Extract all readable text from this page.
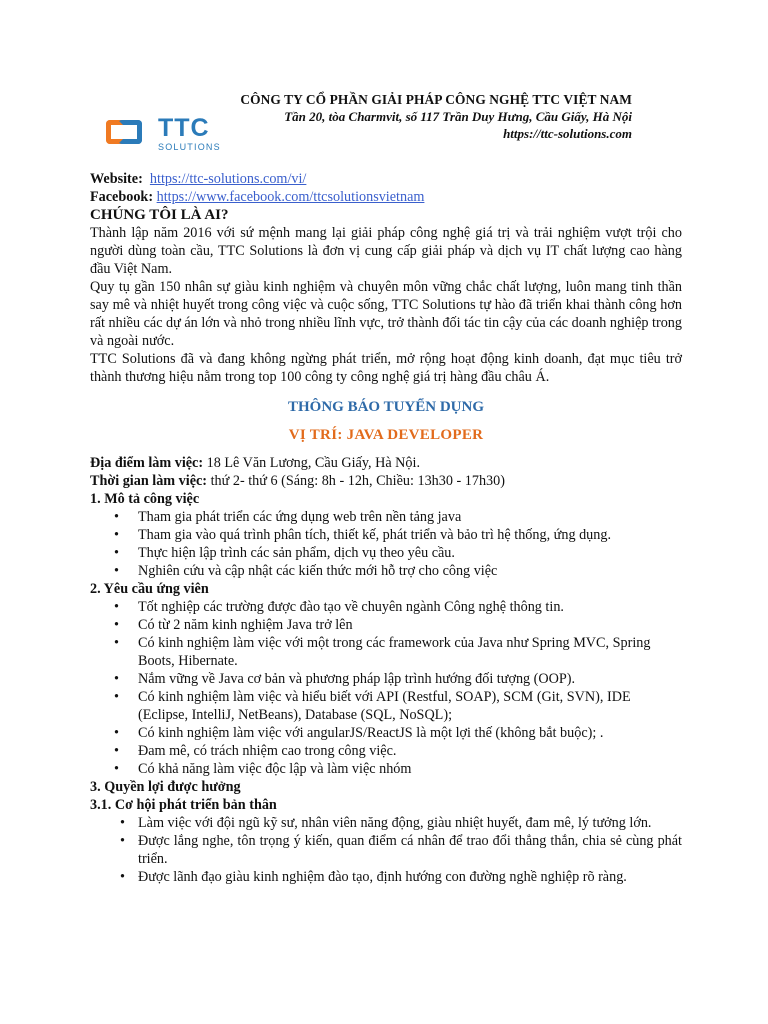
TTC
SOLUTIONS
CÔNG TY CỔ PHẦN GIẢI PHÁP CÔNG NGHỆ TTC VIỆT NAM
Tần 20, tòa Charmvit, số 117 Trần Duy Hưng, Cầu Giấy, Hà Nội
https://ttc-solutions.com
Website: https://ttc-solutions.com/vi/
Facebook: https://www.facebook.com/ttcsolutionsvietnam
CHÚNG TÔI LÀ AI?

Thành lập năm 2016 với sứ mệnh mang lại giải pháp công nghệ giá trị và trải nghiệm vượt trội cho người dùng toàn cầu, TTC Solutions là đơn vị cung cấp giải pháp và dịch vụ IT chất lượng cao hàng đầu Việt Nam.

Quy tụ gần 150 nhân sự giàu kinh nghiệm và chuyên môn vững chắc chất lượng, luôn mang tinh thần say mê và nhiệt huyết trong công việc và cuộc sống, TTC Solutions tự hào đã triển khai thành công hơn rất nhiều các dự án lớn và nhỏ trong nhiều lĩnh vực, trở thành đối tác tin cậy của các doanh nghiệp trong và ngoài nước.

TTC Solutions đã và đang không ngừng phát triển, mở rộng hoạt động kinh doanh, đạt mục tiêu trở thành thương hiệu nằm trong top 100 công ty công nghệ giá trị hàng đầu châu Á.

THÔNG BÁO TUYỂN DỤNG

VỊ TRÍ: JAVA DEVELOPER

Địa điểm làm việc: 18 Lê Văn Lương, Cầu Giấy, Hà Nội.
Thời gian làm việc: thứ 2- thứ 6 (Sáng: 8h - 12h, Chiều: 13h30 - 17h30)
1. Mô tả công việc
• Tham gia phát triển các ứng dụng web trên nền tảng java
• Tham gia vào quá trình phân tích, thiết kế, phát triển và bảo trì hệ thống, ứng dụng.
• Thực hiện lập trình các sản phẩm, dịch vụ theo yêu cầu.
• Nghiên cứu và cập nhật các kiến thức mới hỗ trợ cho công việc
2. Yêu cầu ứng viên
• Tốt nghiệp các trường được đào tạo về chuyên ngành Công nghệ thông tin.
• Có từ 2 năm kinh nghiệm Java trở lên
• Có kinh nghiệm làm việc với một trong các framework của Java như Spring MVC, Spring Boots, Hibernate.
• Nắm vững về Java cơ bản và phương pháp lập trình hướng đối tượng (OOP).
• Có kinh nghiệm làm việc và hiểu biết với API (Restful, SOAP), SCM (Git, SVN), IDE (Eclipse, IntelliJ, NetBeans), Database (SQL, NoSQL);
• Có kinh nghiệm làm việc với angularJS/ReactJS là một lợi thế (không bắt buộc); .
• Đam mê, có trách nhiệm cao trong công việc.
• Có khả năng làm việc độc lập và làm việc nhóm
3. Quyền lợi được hưởng
3.1. Cơ hội phát triển bản thân
• Làm việc với đội ngũ kỹ sư, nhân viên năng động, giàu nhiệt huyết, đam mê, lý tưởng lớn.
• Được lắng nghe, tôn trọng ý kiến, quan điểm cá nhân để trao đổi thẳng thắn, chia sẻ cùng phát triển.
• Được lãnh đạo giàu kinh nghiệm đào tạo, định hướng con đường nghề nghiệp rõ ràng.
